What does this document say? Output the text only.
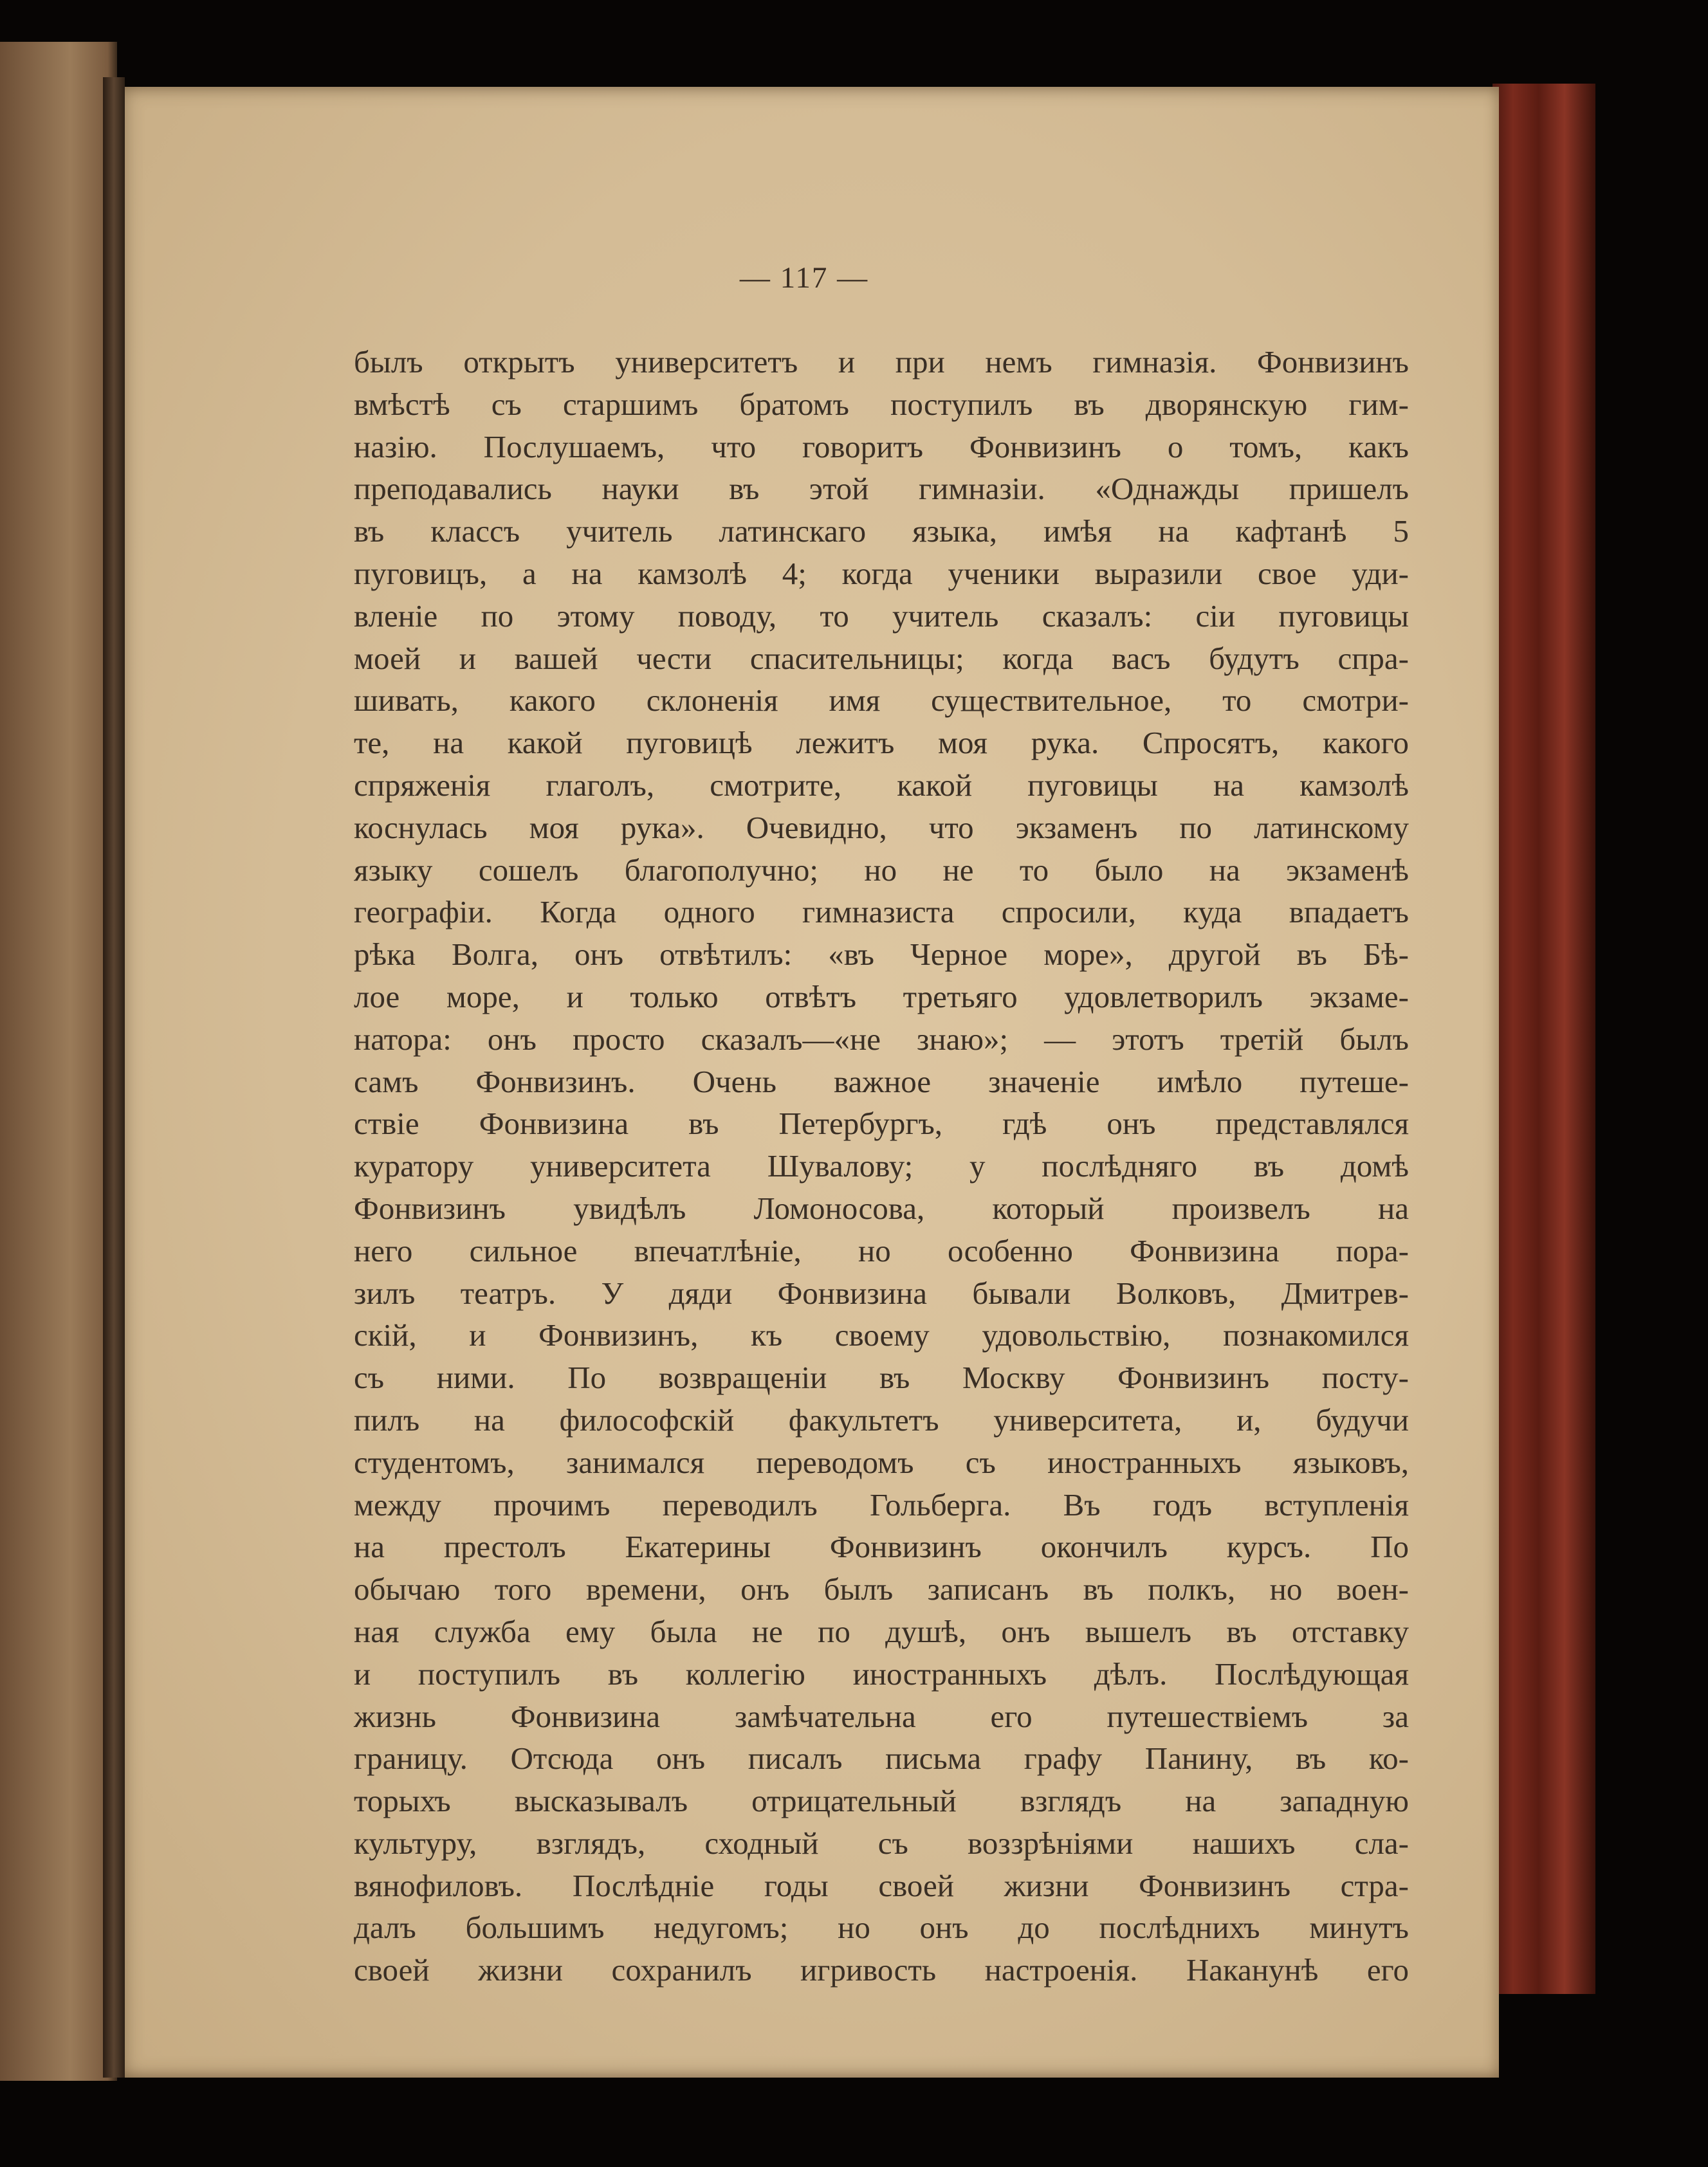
— 117 —
былъ открытъ университетъ и при немъ гимназія. Фонвизинъ
вмѣстѣ съ старшимъ братомъ поступилъ въ дворянскую гим-
назію. Послушаемъ, что говоритъ Фонвизинъ о томъ, какъ
преподавались науки въ этой гимназіи. «Однажды пришелъ
въ классъ учитель латинскаго языка, имѣя на кафтанѣ 5
пуговицъ, а на камзолѣ 4; когда ученики выразили свое уди-
вленіе по этому поводу, то учитель сказалъ: сіи пуговицы
моей и вашей чести спасительницы; когда васъ будутъ спра-
шивать, какого склоненія имя существительное, то смотри-
те, на какой пуговицѣ лежитъ моя рука. Спросятъ, какого
спряженія глаголъ, смотрите, какой пуговицы на камзолѣ
коснулась моя рука». Очевидно, что экзаменъ по латинскому
языку сошелъ благополучно; но не то было на экзаменѣ
географіи. Когда одного гимназиста спросили, куда впадаетъ
рѣка Волга, онъ отвѣтилъ: «въ Черное море», другой въ Бѣ-
лое море, и только отвѣтъ третьяго удовлетворилъ экзаме-
натора: онъ просто сказалъ—«не знаю»; — этотъ третій былъ
самъ Фонвизинъ. Очень важное значеніе имѣло путеше-
ствіе Фонвизина въ Петербургъ, гдѣ онъ представлялся
куратору университета Шувалову; у послѣдняго въ домѣ
Фонвизинъ увидѣлъ Ломоносова, который произвелъ на
него сильное впечатлѣніе, но особенно Фонвизина пора-
зилъ театръ. У дяди Фонвизина бывали Волковъ, Дмитрев-
скій, и Фонвизинъ, къ своему удовольствію, познакомился
съ ними. По возвращеніи въ Москву Фонвизинъ посту-
пилъ на философскій факультетъ университета, и, будучи
студентомъ, занимался переводомъ съ иностранныхъ языковъ,
между прочимъ переводилъ Гольберга. Въ годъ вступленія
на престолъ Екатерины Фонвизинъ окончилъ курсъ. По
обычаю того времени, онъ былъ записанъ въ полкъ, но воен-
ная служба ему была не по душѣ, онъ вышелъ въ отставку
и поступилъ въ коллегію иностранныхъ дѣлъ. Послѣдующая
жизнь Фонвизина замѣчательна его путешествіемъ за
границу. Отсюда онъ писалъ письма графу Панину, въ ко-
торыхъ высказывалъ отрицательный взглядъ на западную
культуру, взглядъ, сходный съ воззрѣніями нашихъ сла-
вянофиловъ. Послѣдніе годы своей жизни Фонвизинъ стра-
далъ большимъ недугомъ; но онъ до послѣднихъ минутъ
своей жизни сохранилъ игривость настроенія. Наканунѣ его
